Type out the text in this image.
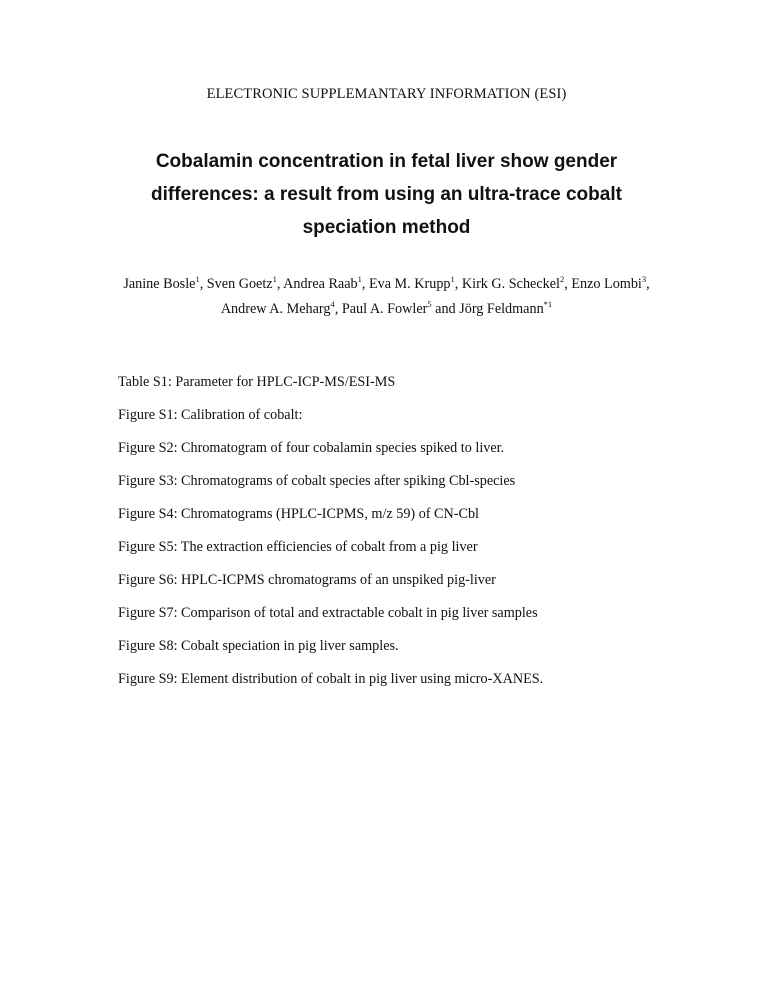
ELECTRONIC SUPPLEMANTARY INFORMATION (ESI)
Cobalamin concentration in fetal liver show gender
differences: a result from using an ultra-trace cobalt
speciation method
Janine Bosle$^1$, Sven Goetz$^1$, Andrea Raab$^1$, Eva M. Krupp$^1$, Kirk G. Scheckel$^2$, Enzo Lombi$^3$,
Andrew A. Meharg$^4$, Paul A. Fowler$^5$ and Jörg Feldmann$^{*1}$
Table S1: Parameter for HPLC-ICP-MS/ESI-MS
Figure S1: Calibration of cobalt:
Figure S2: Chromatogram of four cobalamin species spiked to liver.
Figure S3: Chromatograms of cobalt species after spiking Cbl-species
Figure S4: Chromatograms (HPLC-ICPMS, m/z 59) of CN-Cbl
Figure S5: The extraction efficiencies of cobalt from a pig liver
Figure S6: HPLC-ICPMS chromatograms of an unspiked pig-liver
Figure S7: Comparison of total and extractable cobalt in pig liver samples
Figure S8: Cobalt speciation in pig liver samples.
Figure S9: Element distribution of cobalt in pig liver using micro-XANES.
